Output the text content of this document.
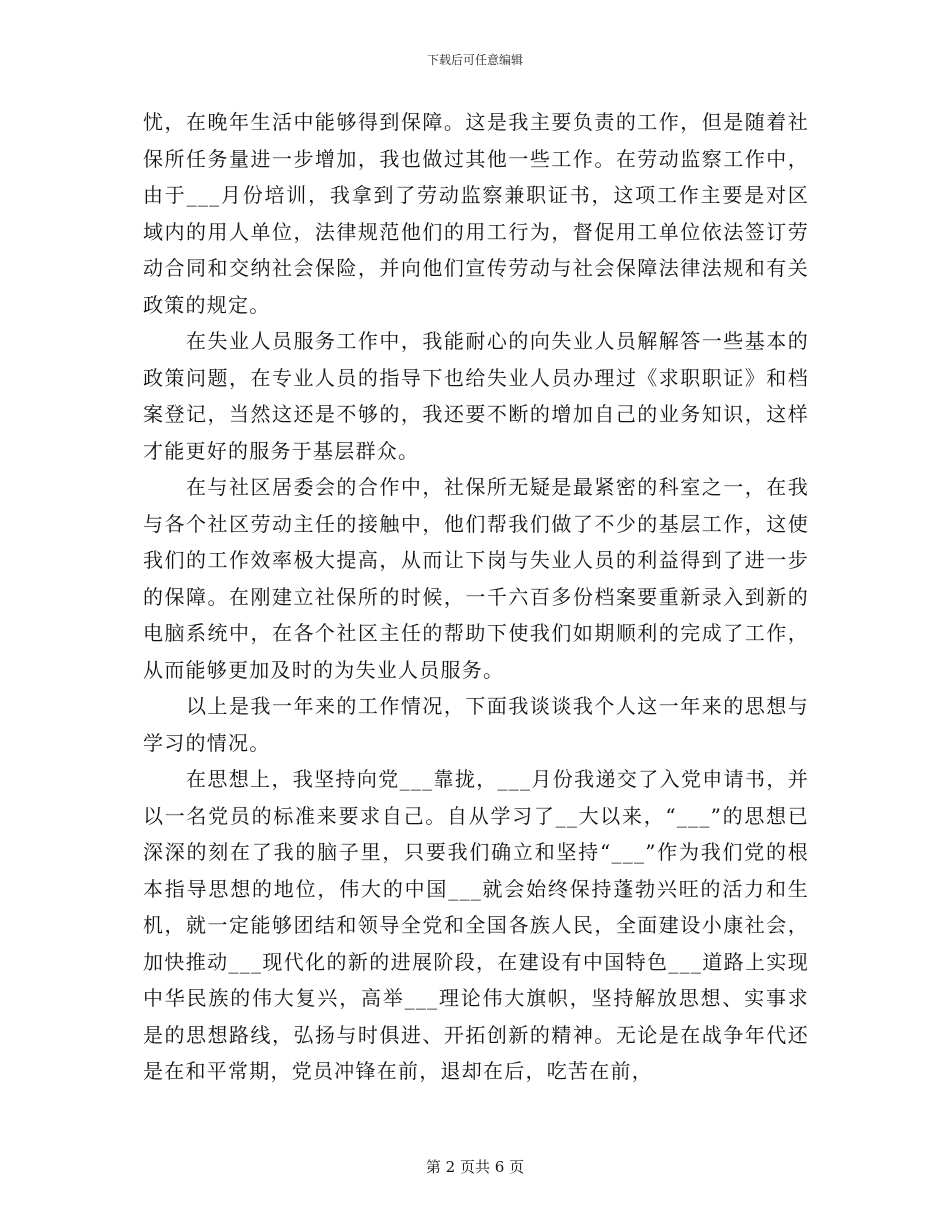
下载后可任意编辑

忧，在晚年生活中能够得到保障。这是我主要负责的工作，但是随着社保所任务量进一步增加，我也做过其他一些工作。在劳动监察工作中，由于___月份培训，我拿到了劳动监察兼职证书，这项工作主要是对区域内的用人单位，法律规范他们的用工行为，督促用工单位依法签订劳动合同和交纳社会保险，并向他们宣传劳动与社会保障法律法规和有关政策的规定。

在失业人员服务工作中，我能耐心的向失业人员解解答一些基本的政策问题，在专业人员的指导下也给失业人员办理过《求职职证》和档案登记，当然这还是不够的，我还要不断的增加自己的业务知识，这样才能更好的服务于基层群众。

在与社区居委会的合作中，社保所无疑是最紧密的科室之一，在我与各个社区劳动主任的接触中，他们帮我们做了不少的基层工作，这使我们的工作效率极大提高，从而让下岗与失业人员的利益得到了进一步的保障。在刚建立社保所的时候，一千六百多份档案要重新录入到新的电脑系统中，在各个社区主任的帮助下使我们如期顺利的完成了工作，从而能够更加及时的为失业人员服务。

以上是我一年来的工作情况，下面我谈谈我个人这一年来的思想与学习的情况。

在思想上，我坚持向党___靠拢，___月份我递交了入党申请书，并以一名党员的标准来要求自己。自从学习了__大以来，“___”的思想已深深的刻在了我的脑子里，只要我们确立和坚持“___”作为我们党的根本指导思想的地位，伟大的中国___就会始终保持蓬勃兴旺的活力和生机，就一定能够团结和领导全党和全国各族人民，全面建设小康社会，加快推动___现代化的新的进展阶段，在建设有中国特色___道路上实现中华民族的伟大复兴，高举___理论伟大旗帜，坚持解放思想、实事求是的思想路线，弘扬与时俱进、开拓创新的精神。无论是在战争年代还是在和平常期，党员冲锋在前，退却在后，吃苦在前，

第 2 页共 6 页
